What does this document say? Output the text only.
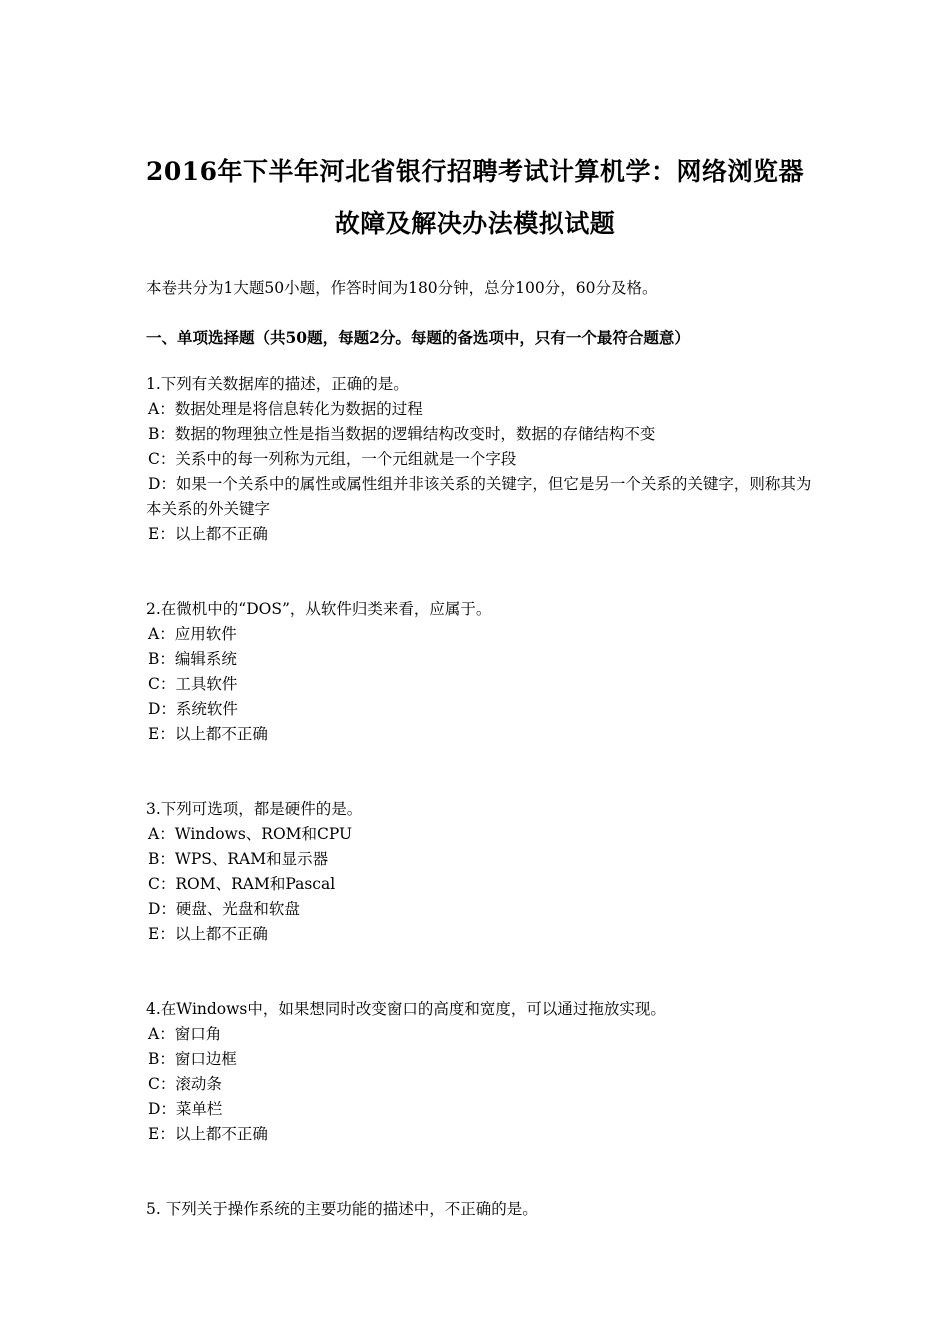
2016年下半年河北省银行招聘考试计算机学：网络浏览器
故障及解决办法模拟试题
本卷共分为1大题50小题，作答时间为180分钟，总分100分，60分及格。
一、单项选择题（共50题，每题2分。每题的备选项中，只有一个最符合题意）
1.下列有关数据库的描述，正确的是。
A：数据处理是将信息转化为数据的过程
B：数据的物理独立性是指当数据的逻辑结构改变时，数据的存储结构不变
C：关系中的每一列称为元组，一个元组就是一个字段
D：如果一个关系中的属性或属性组并非该关系的关键字，但它是另一个关系的关键字，则称其为本关系的外关键字
E：以上都不正确
2.在微机中的“DOS”，从软件归类来看，应属于。
A：应用软件
B：编辑系统
C：工具软件
D：系统软件
E：以上都不正确
3.下列可选项，都是硬件的是。
A：Windows、ROM和CPU
B：WPS、RAM和显示器
C：ROM、RAM和Pascal
D：硬盘、光盘和软盘
E：以上都不正确
4.在Windows中，如果想同时改变窗口的高度和宽度，可以通过拖放实现。
A：窗口角
B：窗口边框
C：滚动条
D：菜单栏
E：以上都不正确
5. 下列关于操作系统的主要功能的描述中，不正确的是。
